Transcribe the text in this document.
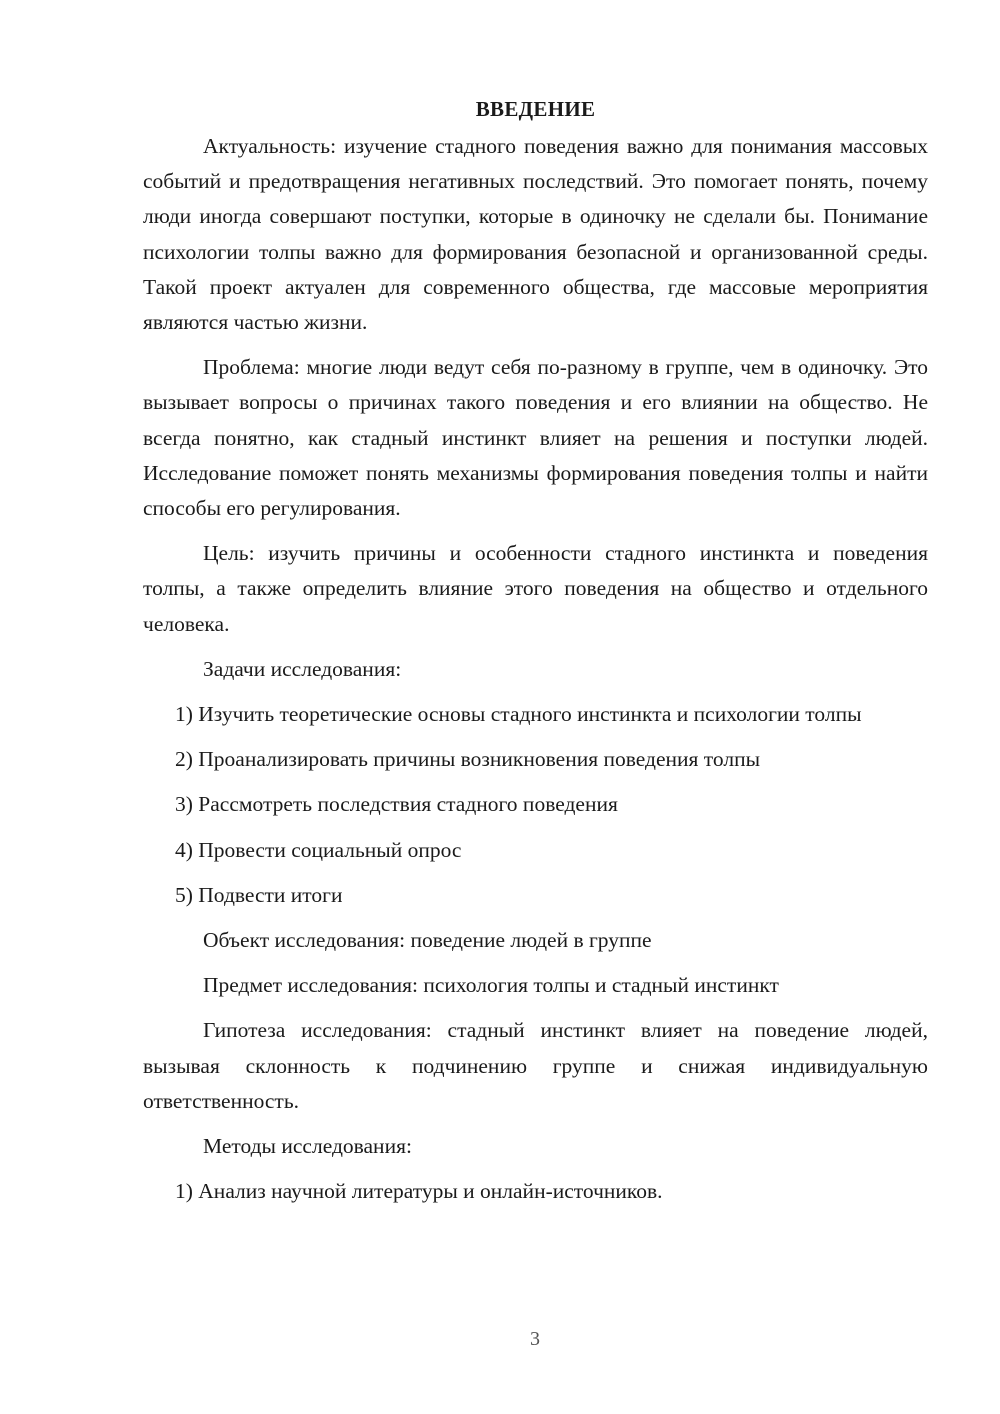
ВВЕДЕНИЕ

Актуальность: изучение стадного поведения важно для понимания массовых событий и предотвращения негативных последствий. Это помогает понять, почему люди иногда совершают поступки, которые в одиночку не сделали бы. Понимание психологии толпы важно для формирования безопасной и организованной среды. Такой проект актуален для современного общества, где массовые мероприятия являются частью жизни.

Проблема: многие люди ведут себя по-разному в группе, чем в одиночку. Это вызывает вопросы о причинах такого поведения и его влиянии на общество. Не всегда понятно, как стадный инстинкт влияет на решения и поступки людей. Исследование поможет понять механизмы формирования поведения толпы и найти способы его регулирования.

Цель: изучить причины и особенности стадного инстинкта и поведения толпы, а также определить влияние этого поведения на общество и отдельного человека.

Задачи исследования:

1) Изучить теоретические основы стадного инстинкта и психологии толпы

2) Проанализировать причины возникновения поведения толпы

3) Рассмотреть последствия стадного поведения

4) Провести социальный опрос

5) Подвести итоги

Объект исследования: поведение людей в группе

Предмет исследования: психология толпы и стадный инстинкт

Гипотеза исследования: стадный инстинкт влияет на поведение людей, вызывая склонность к подчинению группе и снижая индивидуальную ответственность.

Методы исследования:

1) Анализ научной литературы и онлайн-источников.

3
